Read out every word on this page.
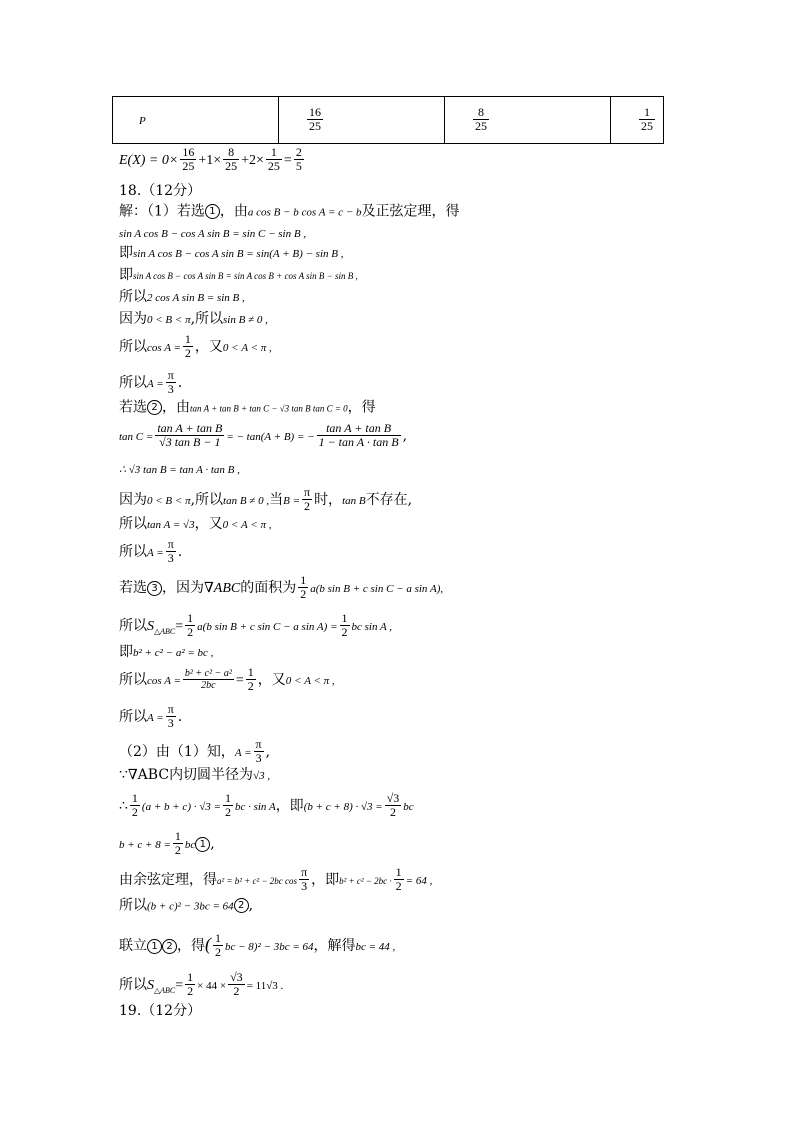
P	$\frac{16}{25}$	$\frac{8}{25}$	$\frac{1}{25}$
$E(X) = 0\times \frac{16}{25} +1\times \frac{8}{25} +2\times \frac{1}{25} = \frac{2}{5}$
18.（12分）
解：（1）若选 1 ，由a cos B − b cos A = c − b及正弦定理，得
sin A cos B − cos A sin B = sin C − sin B ,
即sin A cos B − cos A sin B = sin(A + B) − sin B ,
即sin A cos B − cos A sin B = sin A cos B + cos A sin B − sin B ,
所以2 cos A sin B = sin B ,
因为0 < B < π,所以sin B ≠ 0 ,
所以$\cos A = \frac{1}{2}$ ，又0 < A < π ,
所以$A = \frac{\pi}{3}$ .
若选 2 ，由tan A + tan B + tan C − √3 tan B tan C = 0，得
$\tan C = \frac{\text{tan A + tan B}}{\text{√3 tan B − 1}}$ = − tan(A + B) = − $\frac{\text{tan A + tan B}}{\text{1 − tan A · tan B}}$ ,
∴ √3 tan B = tan A · tan B ,
因为0 < B < π,所以tan B ≠ 0 ,当$B = \frac{\pi}{2}$ 时，tan B不存在,
所以tan A = √3，又0 < A < π ,
所以$A = \frac{\pi}{3}$ .
若选 3 ，因为∇ABC的面积为 $\frac{1}{2} a(b$ sin B + c sin C − a sin A),
所以$S_{\triangle ABC}= \frac{1}{2} a(b$ sin B + c sin C − a $\sin A) = \frac{1}{2}$ bc sin A ,
即b² + c² − a² = bc ,
所以$\cos A = \frac{\text{b² + c² − a²}}{2bc} = \frac{1}{2}$ ，又0 < A < π ,
所以$A = \frac{\pi}{3}$ .
（2）由（1）知，$A = \frac{\pi}{3}$ ,
∵∇ABC内切圆半径为√3 ,
∴ $\frac{1}{2} (a + b + c) \cdot √3 = \frac{1}{2}$ bc · sin A，即$(b + c + 8) \cdot √3 = \frac{√3}{2}$ bc
$b + c + 8 = \frac{1}{2}$ bc 1 ,
由余弦定理，得a² = b² + c² − 2bc $\cos \frac{\pi}{3}$ ，即$b^2 + c^2 - 2bc \cdot \frac{1}{2} = 64$ ,
所以(b + c)² − 3bc = 64 2 ,
联立 1 2 ，得( $\frac{1}{2}$ bc − 8)² − 3bc = 64，解得bc = 44 ,
所以$S_{\triangle ABC}= \frac{1}{2} \times 44 \times \frac{√3}{2} = 11√3$ .
19.（12分）
